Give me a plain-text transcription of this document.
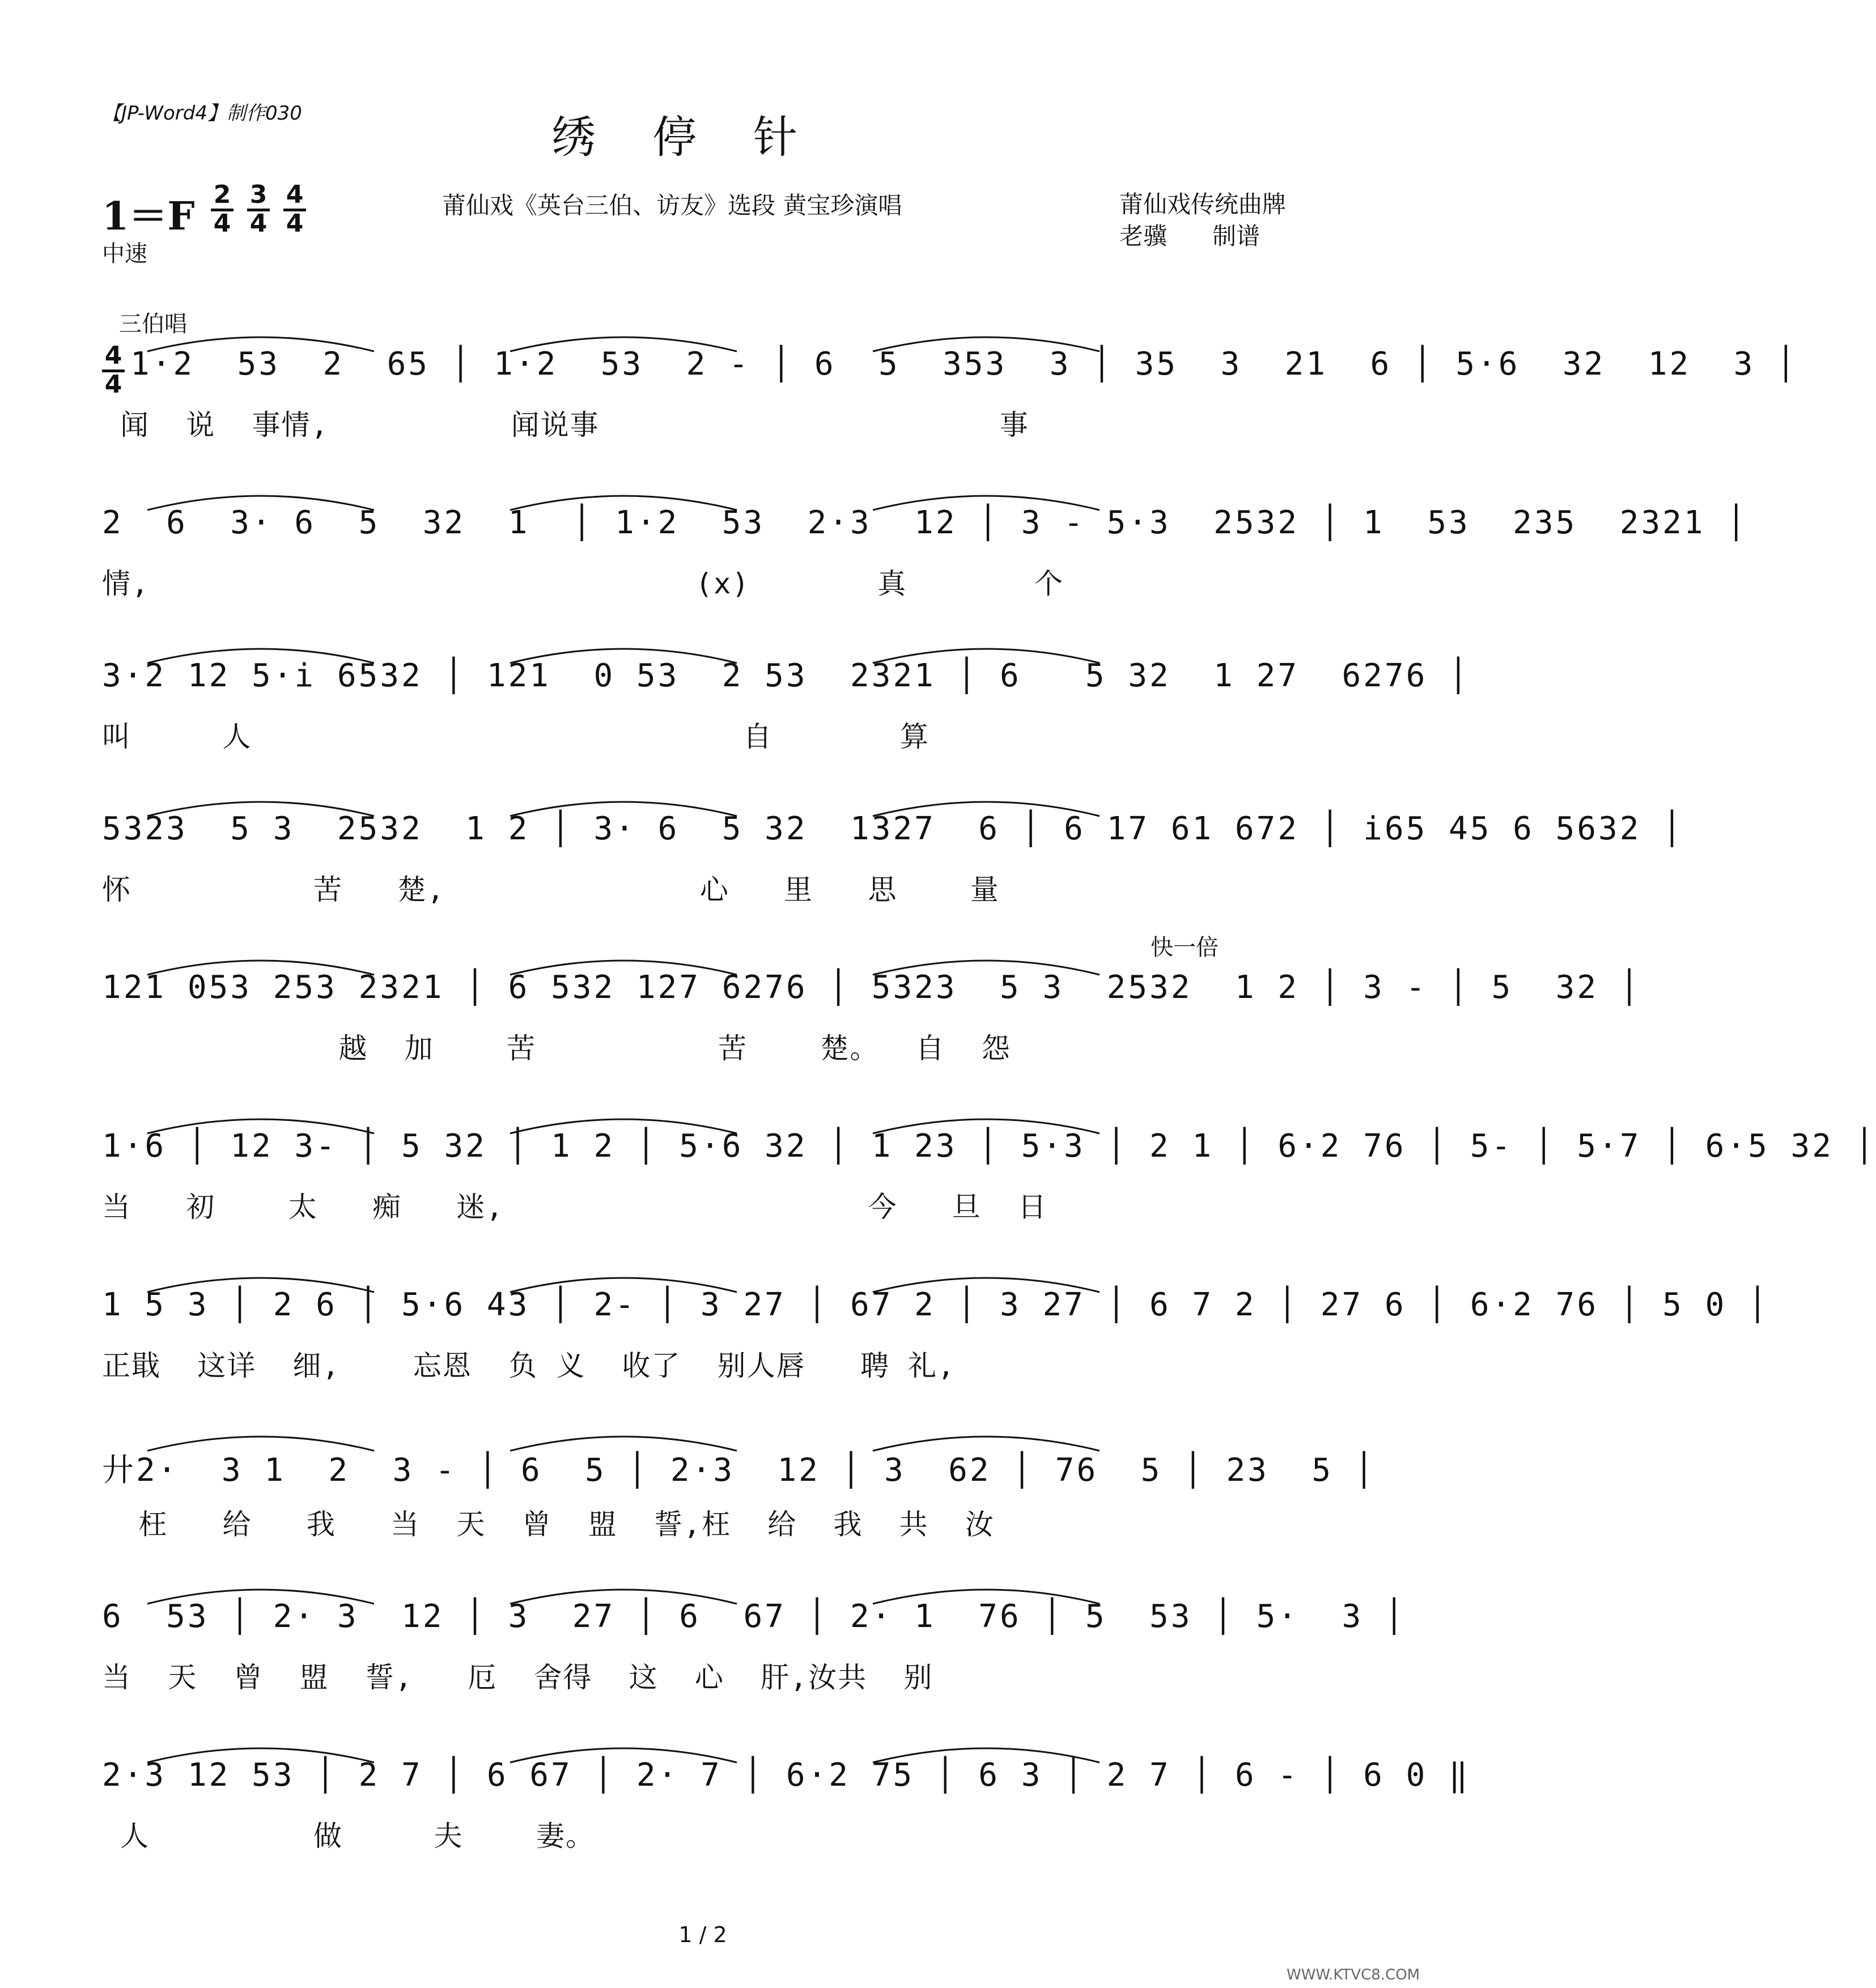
【JP-Word4】制作030	绣停针
1＝F 2
4
3
4
4
4
中速
莆仙戏《英台三伯、访友》选段 黄宝珍演唱	莆仙戏传统曲牌
老骥      制谱
三伯唱
4
4
1·2  53  2  65 │ 1·2  53  2 - │ 6  5  353  3 │ 35  3  21  6 │ 5·6  32  12  3 │
闻  说  事情,          闻说事                      事
2  6  3· 6  5  32  1  │ 1·2  53  2·3  12 │ 3 - 5·3  2532 │ 1  53  235  2321 │
情,                              (x)       真       个
3·2 12 5·i 6532 │ 121  0 53  2 53  2321 │ 6   5 32  1 27  6276 │
叫     人                           自       算
5323  5 3  2532  1 2 │ 3· 6  5 32  1327  6 │ 6 17 61 672 │ i65 45 6 5632 │
怀          苦   楚,              心   里   思    量
快一倍
121 053 253 2321 │ 6 532 127 6276 │ 5323  5 3  2532  1 2 │ 3 - │ 5  32 │
越  加    苦          苦    楚。  自  怨
1·6 │ 12 3- │ 5 32 │ 1 2 │ 5·6 32 │ 1 23 │ 5·3 │ 2 1 │ 6·2 76 │ 5- │ 5·7 │ 6·5 32 │
当   初    太   痴   迷,                    今   旦  日
1 5 3 │ 2 6 │ 5·6 43 │ 2- │ 3 27 │ 67 2 │ 3 27 │ 6 7 2 │ 27 6 │ 6·2 76 │ 5 0 │
正戢  这详  细,    忘恩  负 义  收了  别人唇   聘 礼,
廾2·  3 1  2  3 - │ 6  5 │ 2·3  12 │ 3  62 │ 76  5 │ 23  5 │
枉   给   我   当  天  曾  盟  誓,枉  给  我  共  汝
6  53 │ 2· 3  12 │ 3  27 │ 6  67 │ 2· 1  76 │ 5  53 │ 5·  3 │
当  天  曾  盟  誓,   厄  舍得  这  心  肝,汝共  别
2·3 12 53 │ 2 7 │ 6 67 │ 2· 7 │ 6·2 75 │ 6 3 │ 2 7 │ 6 - │ 6 0 ‖
人         做     夫    妻。
1 / 2
WWW.KTVC8.COM
